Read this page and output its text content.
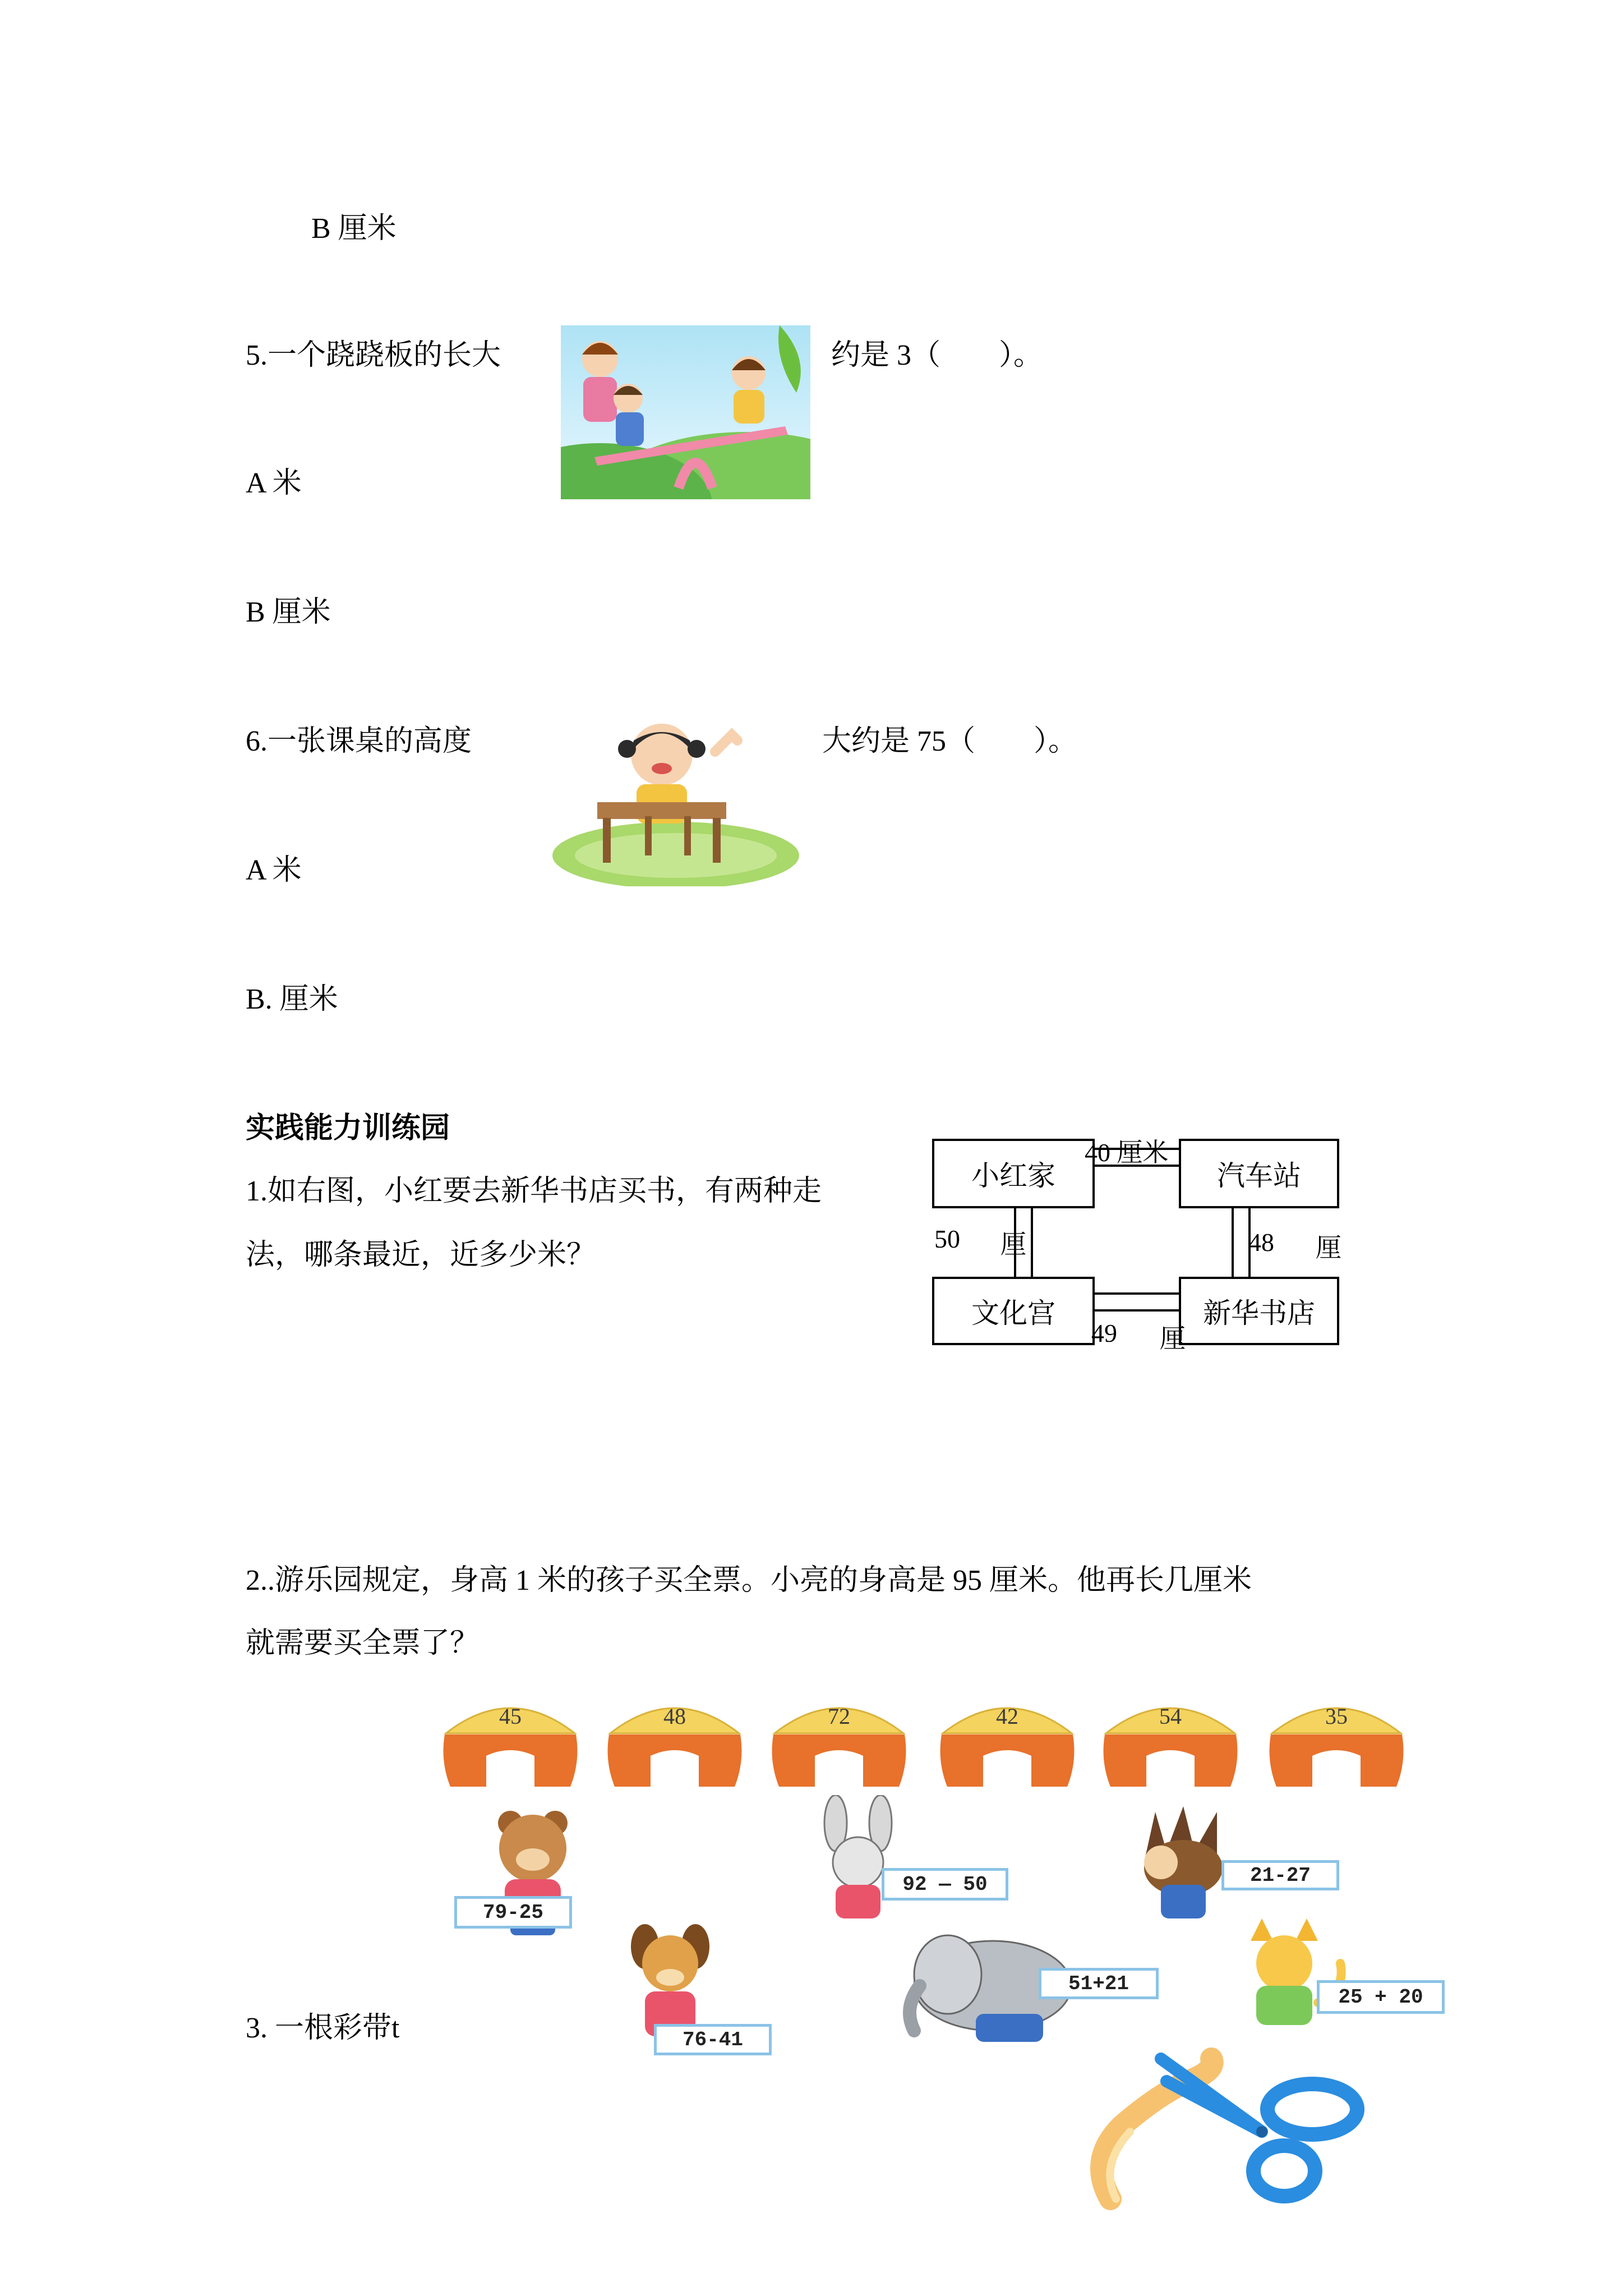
B 厘米
5.一个跷跷板的长大	约是 3（　　）。
A 米
B 厘米
6.一张课桌的高度	大约是 75（　　）。
A 米
B. 厘米
实践能力训练园
1.如右图，小红要去新华书店买书，有两种走
法，哪条最近，近多少米？
小红家	汽车站
文化宫	新华书店
40 厘米
50 厘	48 厘
49 厘
2..游乐园规定，身高 1 米的孩子买全票。小亮的身高是 95 厘米。他再长几厘米
就需要买全票了？
45	48	72	42	54	35
79-25
76-41
92 — 50
51+21
21-27
25 + 20
3. 一根彩带t
